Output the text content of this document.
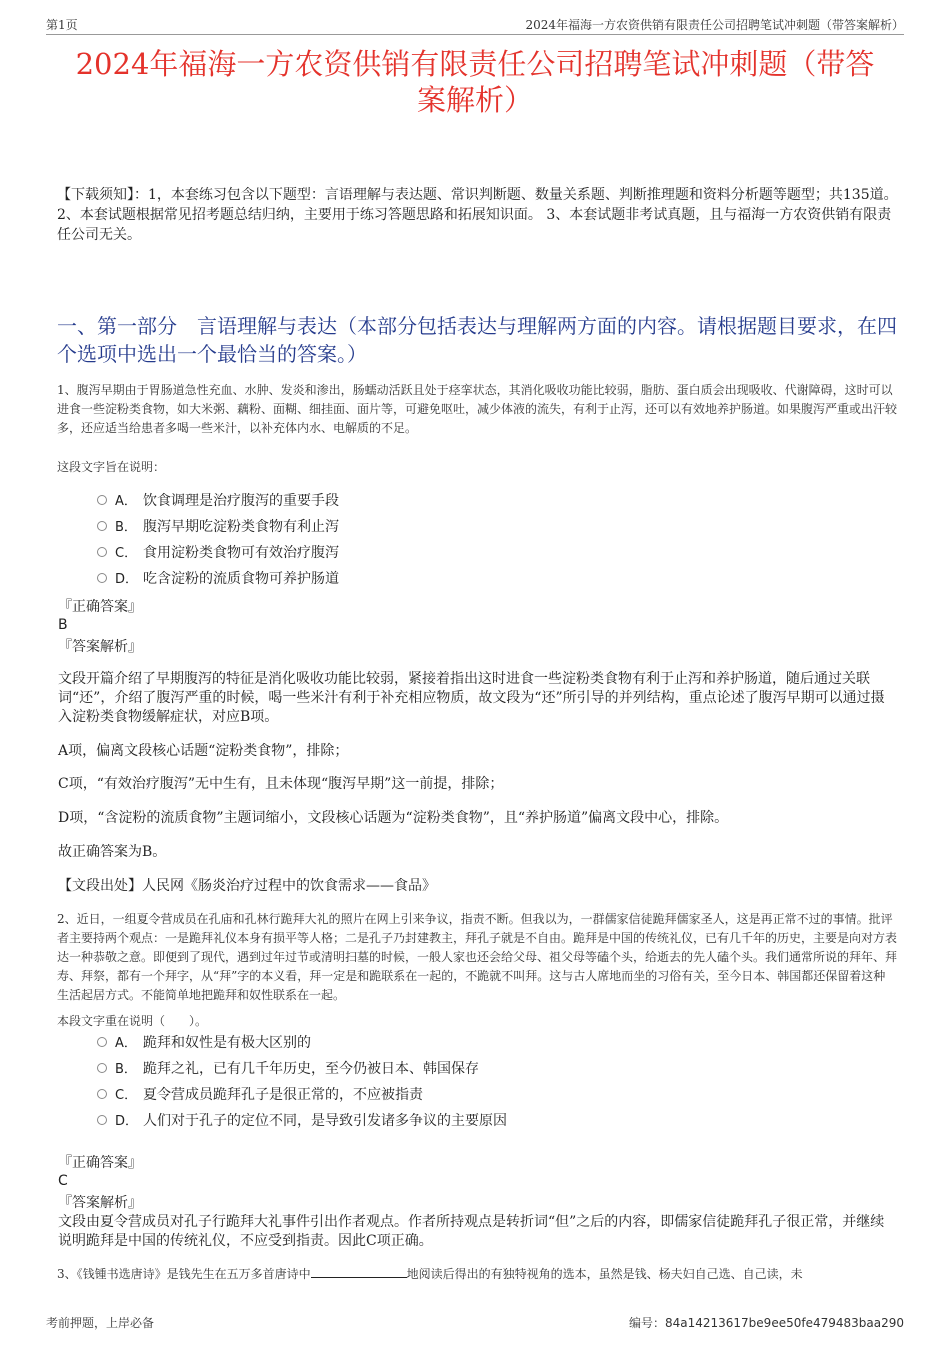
第1页	2024年福海一方农资供销有限责任公司招聘笔试冲刺题（带答案解析）
2024年福海一方农资供销有限责任公司招聘笔试冲刺题（带答
案解析）
【下载须知】：1，本套练习包含以下题型：言语理解与表达题、常识判断题、数量关系题、判断推理题和资料分析题等题型；共135道。 2、本套试题根据常见招考题总结归纳，主要用于练习答题思路和拓展知识面。 3、本套试题非考试真题，且与福海一方农资供销有限责任公司无关。
一、第一部分　言语理解与表达（本部分包括表达与理解两方面的内容。请根据题目要求，在四个选项中选出一个最恰当的答案。）
1、腹泻早期由于胃肠道急性充血、水肿、发炎和渗出，肠蠕动活跃且处于痉挛状态，其消化吸收功能比较弱，脂肪、蛋白质会出现吸收、代谢障碍，这时可以进食一些淀粉类食物，如大米粥、藕粉、面糊、细挂面、面片等，可避免呕吐，减少体液的流失，有利于止泻，还可以有效地养护肠道。如果腹泻严重或出汗较多，还应适当给患者多喝一些米汁，以补充体内水、电解质的不足。
这段文字旨在说明：
A． 饮食调理是治疗腹泻的重要手段
B． 腹泻早期吃淀粉类食物有利止泻
C． 食用淀粉类食物可有效治疗腹泻
D． 吃含淀粉的流质食物可养护肠道
『正确答案』
B
『答案解析』
文段开篇介绍了早期腹泻的特征是消化吸收功能比较弱，紧接着指出这时进食一些淀粉类食物有利于止泻和养护肠道，随后通过关联词“还”，介绍了腹泻严重的时候，喝一些米汁有利于补充相应物质，故文段为“还”所引导的并列结构，重点论述了腹泻早期可以通过摄入淀粉类食物缓解症状，对应B项。
A项，偏离文段核心话题“淀粉类食物”，排除；
C项，“有效治疗腹泻”无中生有，且未体现“腹泻早期”这一前提，排除；
D项，“含淀粉的流质食物”主题词缩小，文段核心话题为“淀粉类食物”，且“养护肠道”偏离文段中心，排除。
故正确答案为B。
【文段出处】人民网《肠炎治疗过程中的饮食需求——食品》
2、近日，一组夏令营成员在孔庙和孔林行跪拜大礼的照片在网上引来争议，指责不断。但我以为，一群儒家信徒跪拜儒家圣人，这是再正常不过的事情。批评者主要持两个观点：一是跪拜礼仪本身有损平等人格；二是孔子乃封建教主，拜孔子就是不自由。跪拜是中国的传统礼仪，已有几千年的历史，主要是向对方表达一种恭敬之意。即便到了现代，遇到过年过节或清明扫墓的时候，一般人家也还会给父母、祖父母等磕个头，给逝去的先人磕个头。我们通常所说的拜年、拜寿、拜祭，都有一个拜字，从“拜”字的本义看，拜一定是和跪联系在一起的，不跪就不叫拜。这与古人席地而坐的习俗有关，至今日本、韩国都还保留着这种生活起居方式。不能简单地把跪拜和奴性联系在一起。
本段文字重在说明（　　）。
A． 跪拜和奴性是有极大区别的
B． 跪拜之礼，已有几千年历史，至今仍被日本、韩国保存
C． 夏令营成员跪拜孔子是很正常的，不应被指责
D． 人们对于孔子的定位不同，是导致引发诸多争议的主要原因
『正确答案』
C
『答案解析』
文段由夏令营成员对孔子行跪拜大礼事件引出作者观点。作者所持观点是转折词“但”之后的内容，即儒家信徒跪拜孔子很正常，并继续说明跪拜是中国的传统礼仪，不应受到指责。因此C项正确。
3、《钱锺书选唐诗》是钱先生在五万多首唐诗中	地阅读后得出的有独特视角的选本，虽然是钱、杨夫妇自己选、自己读，未
考前押题，上岸必备	编号：84a14213617be9ee50fe479483baa290
